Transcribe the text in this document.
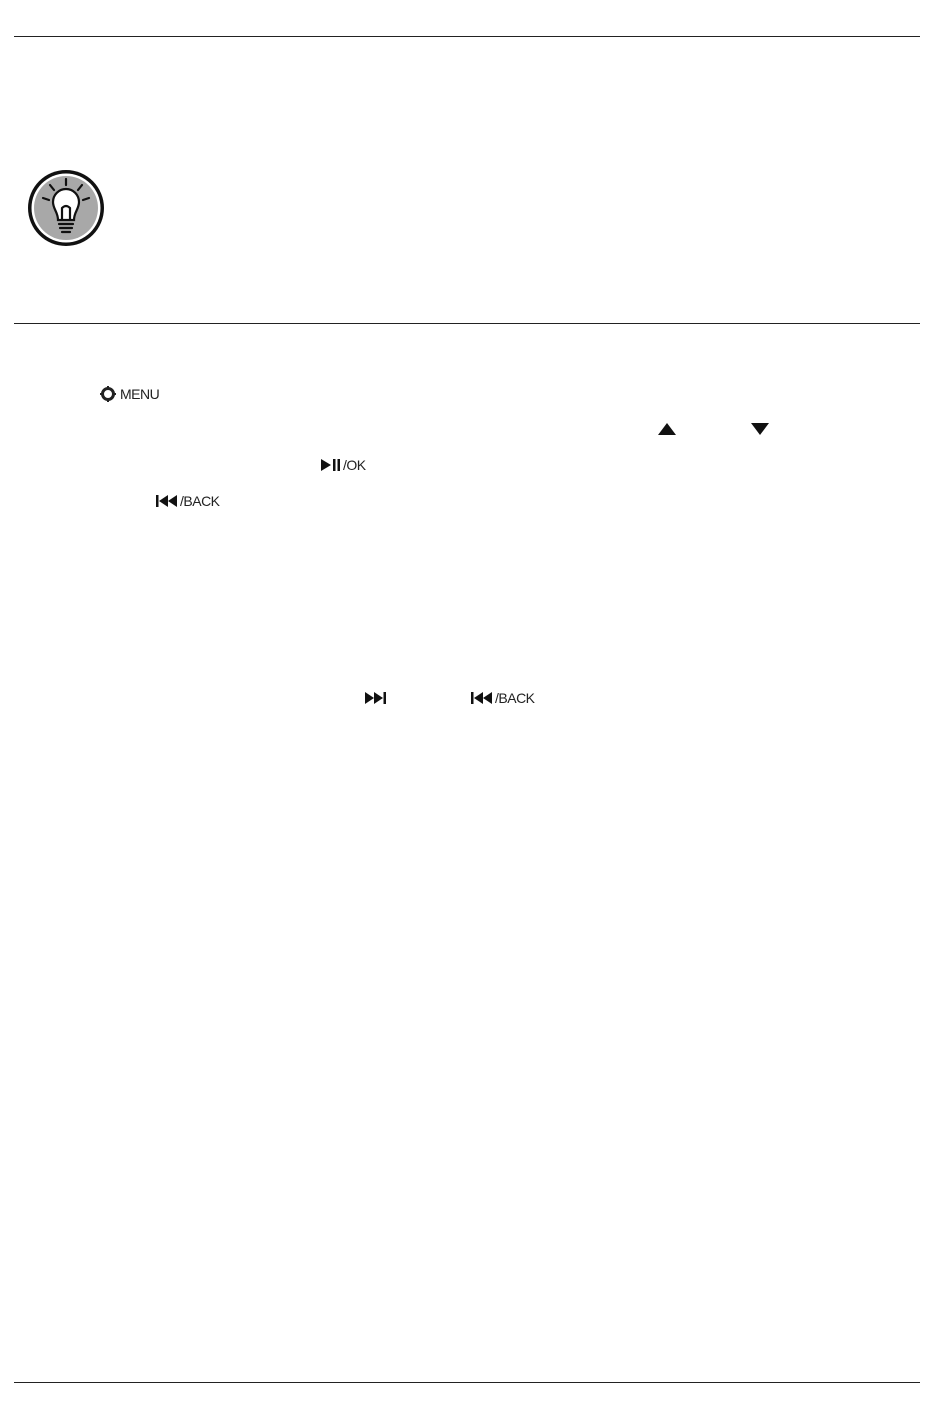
MENU
/OK
/BACK
/BACK
